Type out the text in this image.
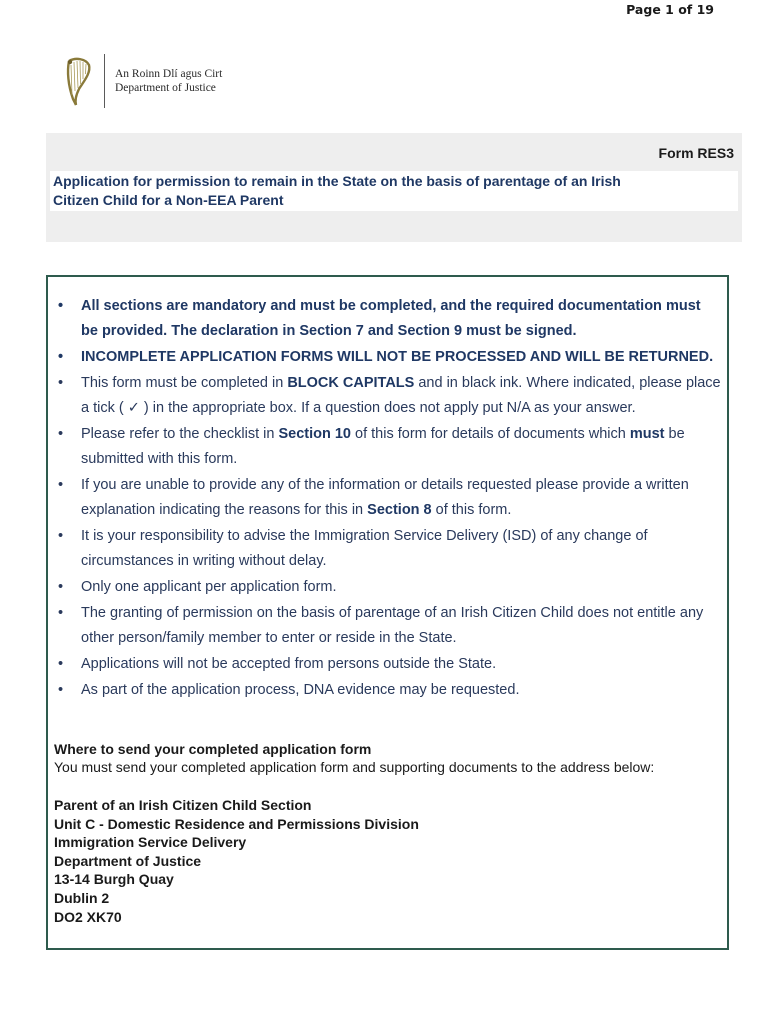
Page 1 of 19
An Roinn Dlí agus Cirt
Department of Justice
Form RES3
Application for permission to remain in the State on the basis of parentage of an Irish
Citizen Child for a Non-EEA Parent
• All sections are mandatory and must be completed, and the required documentation must be provided. The declaration in Section 7 and Section 9 must be signed.
• INCOMPLETE APPLICATION FORMS WILL NOT BE PROCESSED AND WILL BE RETURNED.
• This form must be completed in BLOCK CAPITALS and in black ink. Where indicated, please place a tick ( ✓ ) in the appropriate box. If a question does not apply put N/A as your answer.
• Please refer to the checklist in Section 10 of this form for details of documents which must be submitted with this form.
• If you are unable to provide any of the information or details requested please provide a written explanation indicating the reasons for this in Section 8 of this form.
• It is your responsibility to advise the Immigration Service Delivery (ISD) of any change of circumstances in writing without delay.
• Only one applicant per application form.
• The granting of permission on the basis of parentage of an Irish Citizen Child does not entitle any other person/family member to enter or reside in the State.
• Applications will not be accepted from persons outside the State.
• As part of the application process, DNA evidence may be requested.
Where to send your completed application form
You must send your completed application form and supporting documents to the address below:
Parent of an Irish Citizen Child Section
Unit C - Domestic Residence and Permissions Division
Immigration Service Delivery
Department of Justice
13-14 Burgh Quay
Dublin 2
DO2 XK70
